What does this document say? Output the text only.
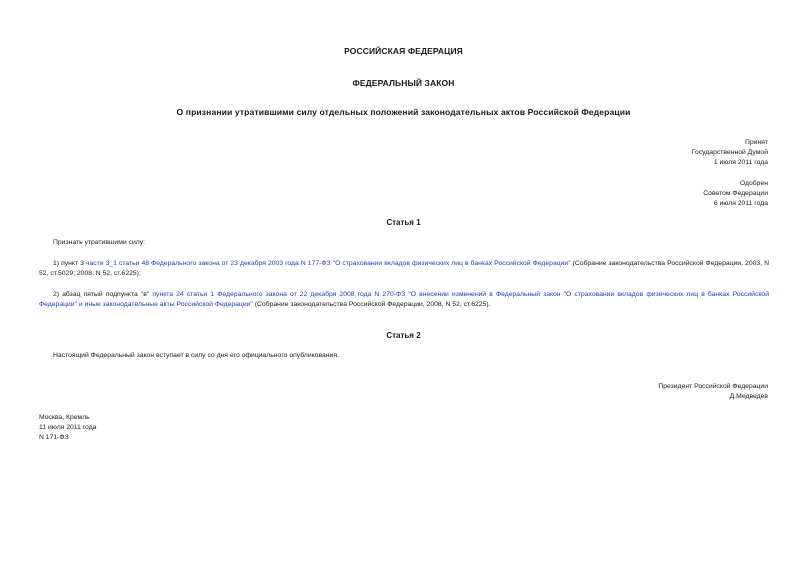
РОССИЙСКАЯ ФЕДЕРАЦИЯ
ФЕДЕРАЛЬНЫЙ ЗАКОН
О признании утратившими силу отдельных положений законодательных актов Российской Федерации
Принят
Государственной Думой
1 июля 2011 года
Одобрен
Советом Федерации
6 июля 2011 года
Статья 1
Признать утратившими силу:
1) пункт 3 части 3_1 статьи 48 Федерального закона от 23 декабря 2003 года N 177-ФЗ "О страховании вкладов физических лиц в банках Российской Федерации" (Собрание законодательства Российской Федерации, 2003, N 52, ст.5029; 2008, N 52, ст.6225);
2) абзац пятый подпункта "в" пункта 24 статьи 1 Федерального закона от 22 декабря 2008 года N 270-ФЗ "О внесении изменений в Федеральный закон "О страховании вкладов физических лиц в банках Российской Федерации" и иные законодательные акты Российской Федерации" (Собрание законодательства Российской Федерации, 2008, N 52, ст.6225).
Статья 2
Настоящий Федеральный закон вступает в силу со дня его официального опубликования.
Президент Российской Федерации
Д.Медведев
Москва, Кремль
11 июля 2011 года
N 171-ФЗ
